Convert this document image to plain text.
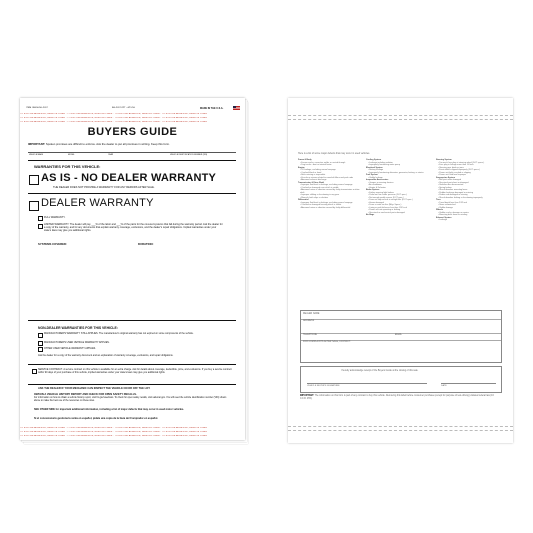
ITEM #BG50-NL-2017	BG-2017-2PT - 4/15 NL	MADE IN THE U.S.A.
TO EXPOSE ADHESIVE, REMOVE LINER · TO EXPOSE ADHESIVE, REMOVE LINER · TO EXPOSE ADHESIVE, REMOVE LINER · TO EXPOSE ADHESIVE, REMOVE LINER
TO EXPOSE ADHESIVE, REMOVE LINER · TO EXPOSE ADHESIVE, REMOVE LINER · TO EXPOSE ADHESIVE, REMOVE LINER · TO EXPOSE ADHESIVE, REMOVE LINER
TO EXPOSE ADHESIVE, REMOVE LINER · TO EXPOSE ADHESIVE, REMOVE LINER · TO EXPOSE ADHESIVE, REMOVE LINER · TO EXPOSE ADHESIVE, REMOVE LINER
BUYERS GUIDE
IMPORTANT: Spoken promises are difficult to enforce. Ask the dealer to put all promises in writing. Keep this form.
VEHICLE MAKE	MODEL	YEAR	VEHICLE IDENTIFICATION NUMBER (VIN)
WARRANTIES FOR THIS VEHICLE:
AS IS - NO DEALER WARRANTY
THE DEALER DOES NOT PROVIDE A WARRANTY FOR ANY REPAIRS AFTER SALE.
DEALER WARRANTY
FULL WARRANTY.
LIMITED WARRANTY. The dealer will pay ___% of the labor and ___% of the parts for the covered systems that fail during the warranty period. Ask the dealer for a copy of the warranty, and for any documents that explain warranty coverage, exclusions, and the dealer's repair obligations. Implied warranties under your state's laws may give you additional rights.
SYSTEMS COVERED:	DURATION:
NON-DEALER WARRANTIES FOR THIS VEHICLE:
MANUFACTURER'S WARRANTY STILL APPLIES. The manufacturer's original warranty has not expired on some components of the vehicle.
MANUFACTURER'S USED VEHICLE WARRANTY APPLIES.
OTHER USED VEHICLE WARRANTY APPLIES.
Ask the dealer for a copy of the warranty document and an explanation of warranty coverage, exclusions, and repair obligations.
SERVICE CONTRACT. A service contract on this vehicle is available for an extra charge. Ask for details about coverage, deductible, price, and exclusions. If you buy a service contract within 90 days of your purchase of this vehicle, implied warranties under your state's laws may give you additional rights.
ASK THE DEALER IF YOUR MECHANIC CAN INSPECT THE VEHICLE ON OR OFF THE LOT.
OBTAIN A VEHICLE HISTORY REPORT AND CHECK FOR OPEN SAFETY RECALLS.
For information on how to obtain a vehicle history report, visit ftc.gov/usedcars. To check for open safety recalls, visit safercar.gov. You will need the vehicle identification number (VIN) shown above to make the best use of the resources on these sites.
SEE OTHER SIDE for important additional information, including a list of major defects that may occur in used motor vehicles.
Si el concesionario gestiona la venta en español, pídale una copia de la Guía del Comprador en español.
TO EXPOSE ADHESIVE, REMOVE LINER · TO EXPOSE ADHESIVE, REMOVE LINER · TO EXPOSE ADHESIVE, REMOVE LINER · TO EXPOSE ADHESIVE, REMOVE LINER
TO EXPOSE ADHESIVE, REMOVE LINER · TO EXPOSE ADHESIVE, REMOVE LINER · TO EXPOSE ADHESIVE, REMOVE LINER · TO EXPOSE ADHESIVE, REMOVE LINER
TO EXPOSE ADHESIVE, REMOVE LINER · TO EXPOSE ADHESIVE, REMOVE LINER · TO EXPOSE ADHESIVE, REMOVE LINER · TO EXPOSE ADHESIVE, REMOVE LINER
Here is a list of some major defects that may occur in used vehicles.
Frame & Body
• Frame-cracks, corrective welds, or rusted through
• Dog tracks—bent or twisted frame
Engine
• Oil leakage, excluding normal seepage
• Cracked block or head
• Belts missing or inoperable
• Knocks or misses related to camshaft lifters and push rods
• Abnormal exhaust discharge
Transmission & Drive Shaft
• Improper fluid level or leakage, excluding normal seepage
• Cracked or damaged case which is visible
• Abnormal noise or vibration caused by faulty transmission or drive shaft
• Improper shifting or functioning in any gear
• Manual clutch slips or chatters
Differential
• Improper fluid level or leakage, excluding normal seepage
• Cracked or damaged housing which is visible
• Abnormal noise or vibration caused by faulty differential
Cooling System
• Leakage including radiator
• Improperly functioning water pump
Electrical System
• Battery leakage
• Improperly functioning alternator, generator, battery, or starter
Fuel System
• Visible leakage
Inoperable Accessories
• Gauges or warning devices
• Air conditioner
• Heater & Defroster
Brake System
• Failure warning light broken
• Pedal not firm under pressure (DOT spec.)
• Not enough pedal reserve (DOT spec.)
• Does not stop vehicle in straight line (DOT spec.)
• Hoses damaged
• Drum or rotor too thin (Mfgr. Specs.)
• Lining or pad thickness less than 1/32 inch
• Power unit not operating or leaking
• Structural or mechanical parts damaged
Air Bags
Steering System
• Too much free play at steering wheel (DOT specs.)
• Free play in linkage more than 1/4 inch
• Steering gear binds or jams
• Front wheels aligned improperly (DOT specs.)
• Power unit belts cracked or slipping
• Power unit fluid level improper
Suspension System
• Ball joint seals damaged
• Structural parts bent or damaged
• Stabilizer bar disconnected
• Spring broken
• Shock absorber mounting loose
• Rubber bushings damaged or missing
• Radius rod damaged or missing
• Shock absorber leaking or functioning improperly
Tires
• Tread depth less than 2/32 inch
• Sizes mismatched
• Visible damage
Wheels
• Visible cracks, damage or repairs
• Mounting bolts loose or missing
Exhaust System
• Leakage
DEALER NAME
ADDRESS
TELEPHONE	EMAIL
FOR COMPLAINTS AFTER SALE, CONTACT:
I hereby acknowledge receipt of the Buyers Guide at the closing of this sale.
VEHICLE BUYER'S SIGNATURE	DATE
IMPORTANT: The information on this form is part of any contract to buy this vehicle. Removing this label before consumer purchase (except for purpose of test-driving) violates federal law (16 C.F.R. 455).
